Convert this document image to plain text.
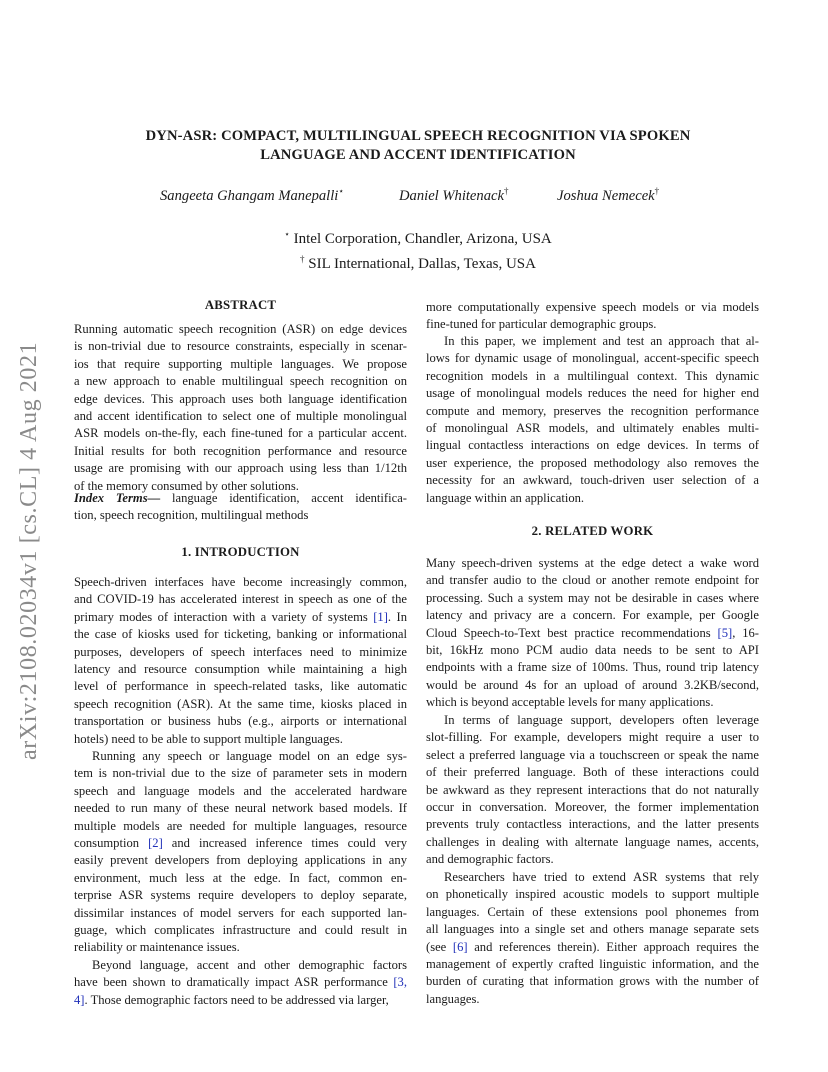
arXiv:2108.02034v1 [cs.CL] 4 Aug 2021
DYN-ASR: COMPACT, MULTILINGUAL SPEECH RECOGNITION VIA SPOKEN
LANGUAGE AND ACCENT IDENTIFICATION
Sangeeta Ghangam Manepalli⋆	Daniel Whitenack†	Joshua Nemecek†
⋆ Intel Corporation, Chandler, Arizona, USA
† SIL International, Dallas, Texas, USA
ABSTRACT
Running automatic speech recognition (ASR) on edge devices
is non-trivial due to resource constraints, especially in scenar-
ios that require supporting multiple languages. We propose
a new approach to enable multilingual speech recognition on
edge devices. This approach uses both language identification
and accent identification to select one of multiple monolingual
ASR models on-the-fly, each fine-tuned for a particular accent.
Initial results for both recognition performance and resource
usage are promising with our approach using less than 1/12th
of the memory consumed by other solutions.
Index Terms— language identification, accent identifica-
tion, speech recognition, multilingual methods
1. INTRODUCTION
Speech-driven interfaces have become increasingly common,
and COVID-19 has accelerated interest in speech as one of the
primary modes of interaction with a variety of systems [1]. In
the case of kiosks used for ticketing, banking or informational
purposes, developers of speech interfaces need to minimize
latency and resource consumption while maintaining a high
level of performance in speech-related tasks, like automatic
speech recognition (ASR). At the same time, kiosks placed in
transportation or business hubs (e.g., airports or international
hotels) need to be able to support multiple languages.
Running any speech or language model on an edge sys-
tem is non-trivial due to the size of parameter sets in modern
speech and language models and the accelerated hardware
needed to run many of these neural network based models. If
multiple models are needed for multiple languages, resource
consumption [2] and increased inference times could very
easily prevent developers from deploying applications in any
environment, much less at the edge. In fact, common en-
terprise ASR systems require developers to deploy separate,
dissimilar instances of model servers for each supported lan-
guage, which complicates infrastructure and could result in
reliability or maintenance issues.
Beyond language, accent and other demographic factors
have been shown to dramatically impact ASR performance [3,
4]. Those demographic factors need to be addressed via larger,
more computationally expensive speech models or via models
fine-tuned for particular demographic groups.
In this paper, we implement and test an approach that al-
lows for dynamic usage of monolingual, accent-specific speech
recognition models in a multilingual context. This dynamic
usage of monolingual models reduces the need for higher end
compute and memory, preserves the recognition performance
of monolingual ASR models, and ultimately enables multi-
lingual contactless interactions on edge devices. In terms of
user experience, the proposed methodology also removes the
necessity for an awkward, touch-driven user selection of a
language within an application.
2. RELATED WORK
Many speech-driven systems at the edge detect a wake word
and transfer audio to the cloud or another remote endpoint for
processing. Such a system may not be desirable in cases where
latency and privacy are a concern. For example, per Google
Cloud Speech-to-Text best practice recommendations [5], 16-
bit, 16kHz mono PCM audio data needs to be sent to API
endpoints with a frame size of 100ms. Thus, round trip latency
would be around 4s for an upload of around 3.2KB/second,
which is beyond acceptable levels for many applications.
In terms of language support, developers often leverage
slot-filling. For example, developers might require a user to
select a preferred language via a touchscreen or speak the name
of their preferred language. Both of these interactions could
be awkward as they represent interactions that do not naturally
occur in conversation. Moreover, the former implementation
prevents truly contactless interactions, and the latter presents
challenges in dealing with alternate language names, accents,
and demographic factors.
Researchers have tried to extend ASR systems that rely
on phonetically inspired acoustic models to support multiple
languages. Certain of these extensions pool phonemes from
all languages into a single set and others manage separate sets
(see [6] and references therein). Either approach requires the
management of expertly crafted linguistic information, and the
burden of curating that information grows with the number of
languages.
